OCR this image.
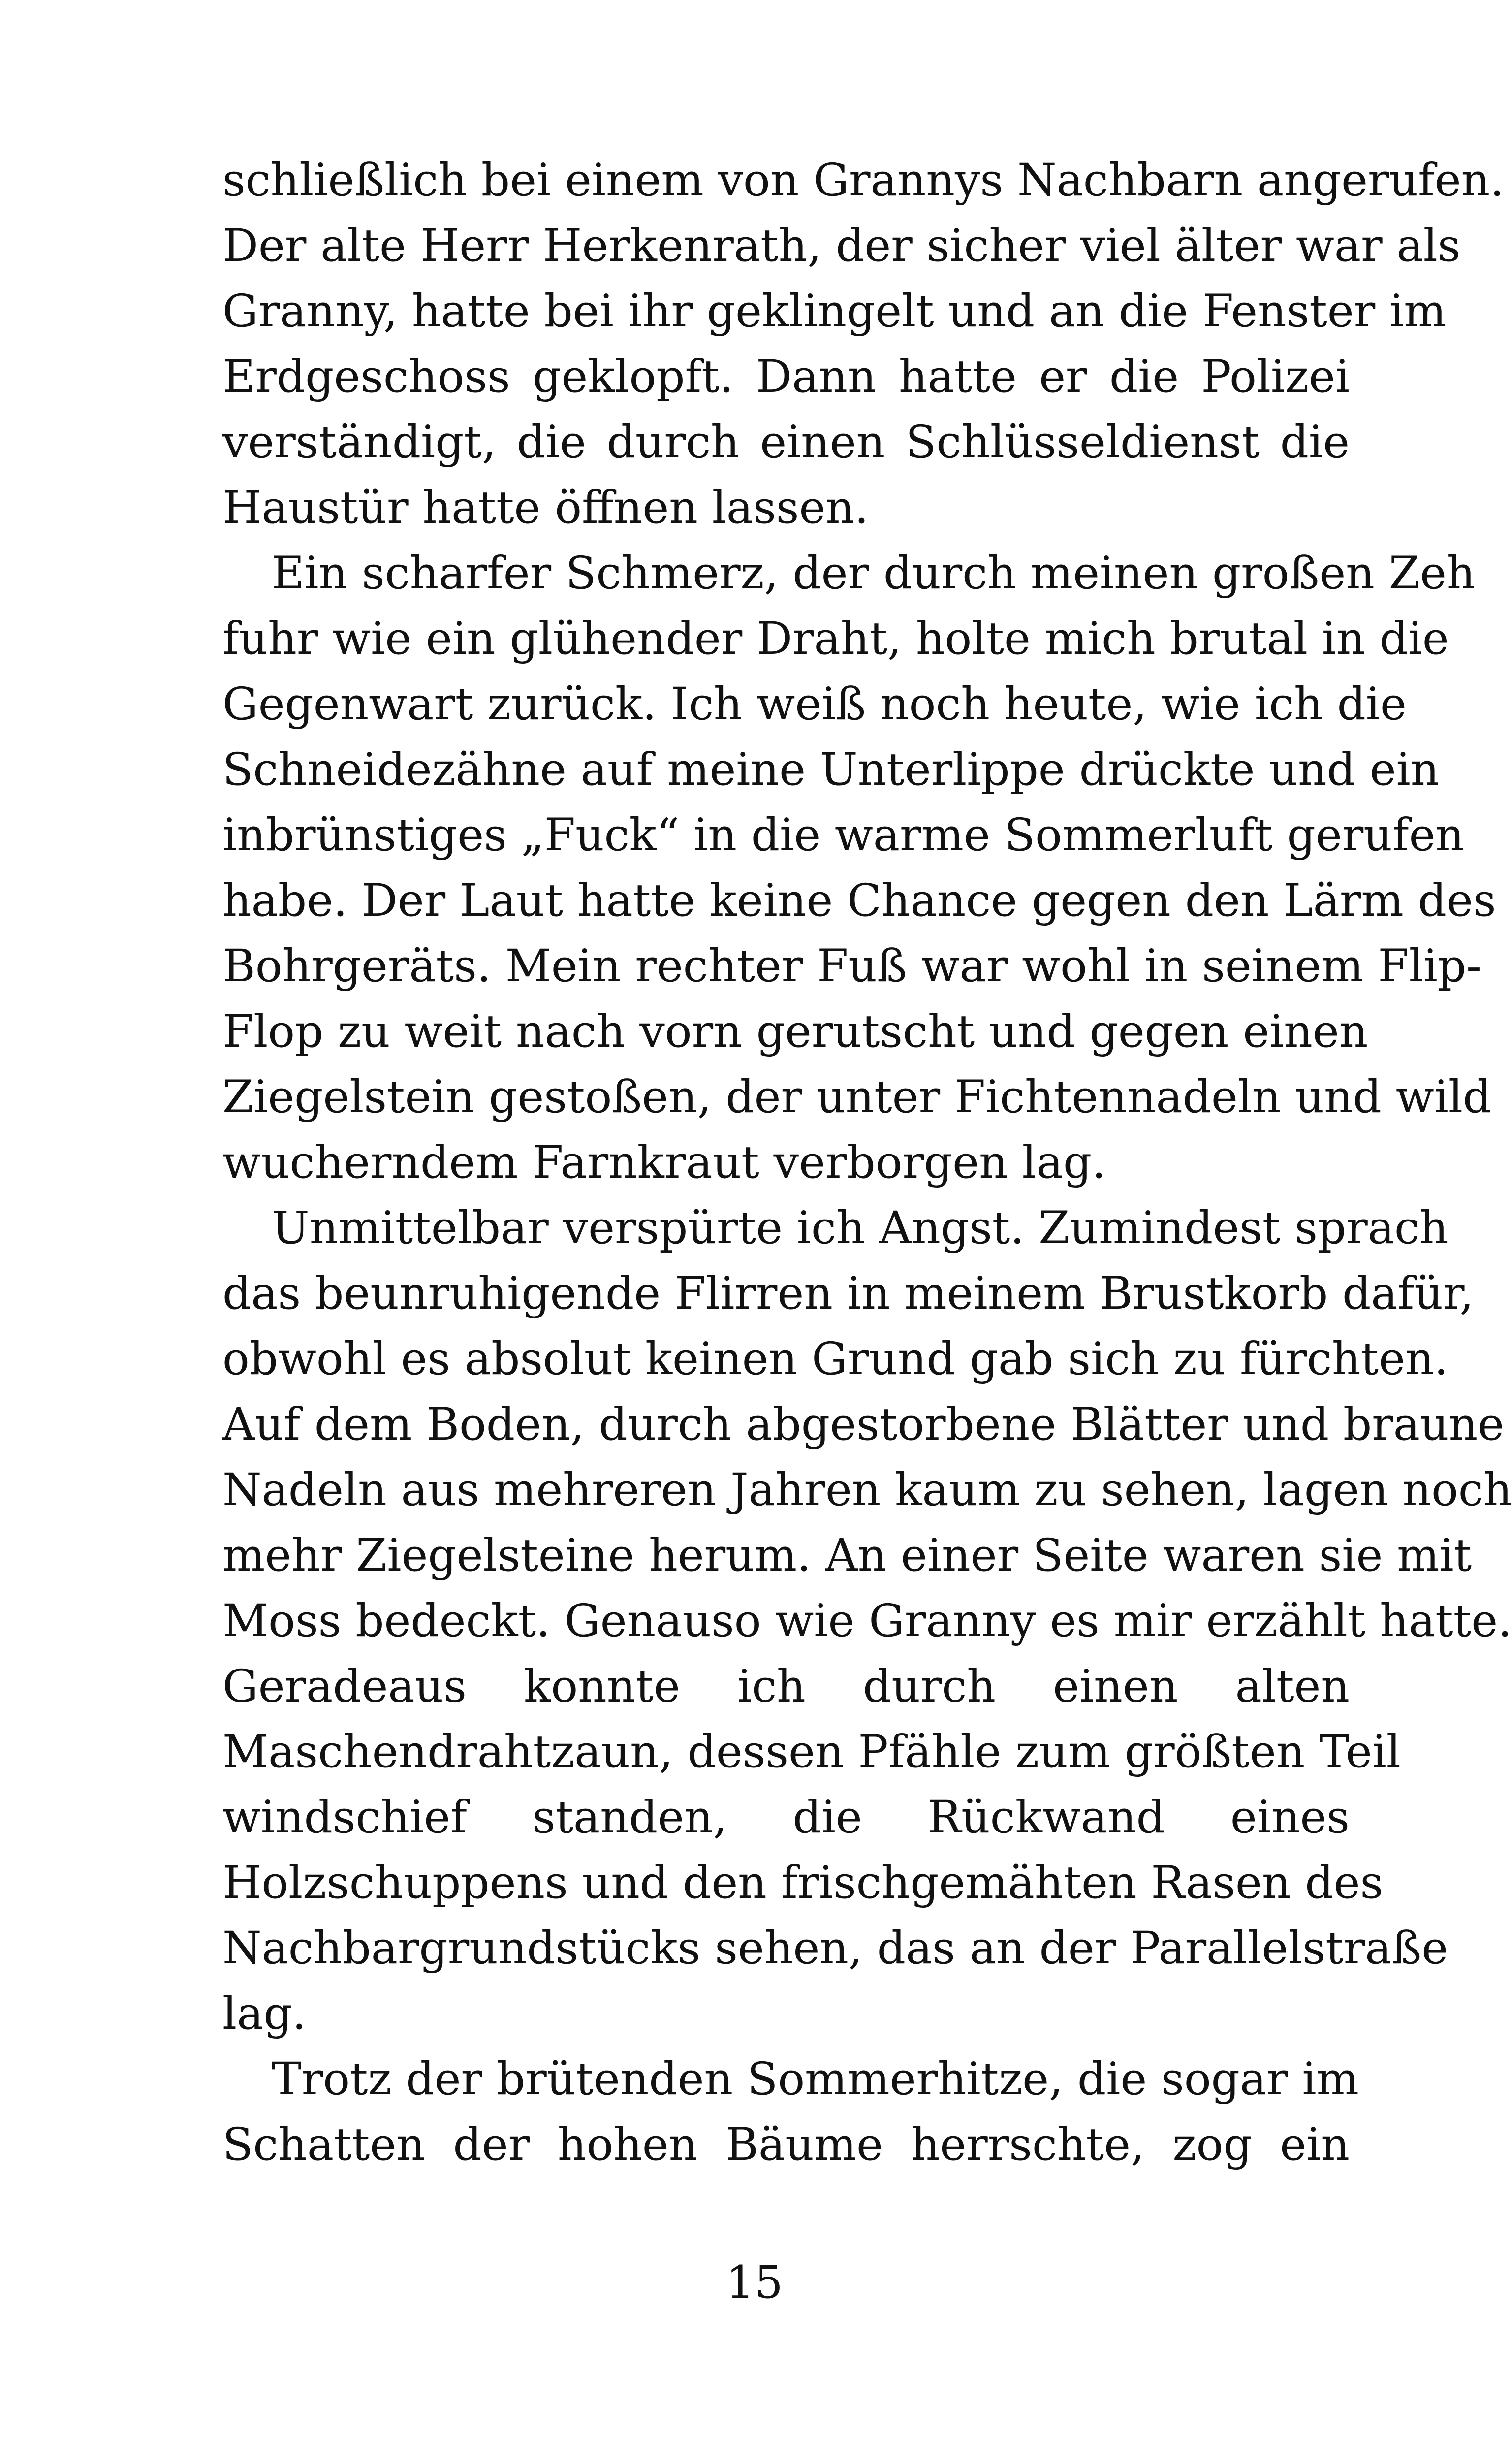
schließlich bei einem von Grannys Nachbarn angerufen.
Der alte Herr Herkenrath, der sicher viel älter war als
Granny, hatte bei ihr geklingelt und an die Fenster im
Erdgeschoss geklopft. Dann hatte er die Polizei
verständigt, die durch einen Schlüsseldienst die
Haustür hatte öffnen lassen.
Ein scharfer Schmerz, der durch meinen großen Zeh
fuhr wie ein glühender Draht, holte mich brutal in die
Gegenwart zurück. Ich weiß noch heute, wie ich die
Schneidezähne auf meine Unterlippe drückte und ein
inbrünstiges „Fuck“ in die warme Sommerluft gerufen
habe. Der Laut hatte keine Chance gegen den Lärm des
Bohrgeräts. Mein rechter Fuß war wohl in seinem Flip-
Flop zu weit nach vorn gerutscht und gegen einen
Ziegelstein gestoßen, der unter Fichtennadeln und wild
wucherndem Farnkraut verborgen lag.
Unmittelbar verspürte ich Angst. Zumindest sprach
das beunruhigende Flirren in meinem Brustkorb dafür,
obwohl es absolut keinen Grund gab sich zu fürchten.
Auf dem Boden, durch abgestorbene Blätter und braune
Nadeln aus mehreren Jahren kaum zu sehen, lagen noch
mehr Ziegelsteine herum. An einer Seite waren sie mit
Moss bedeckt. Genauso wie Granny es mir erzählt hatte.
Geradeaus konnte ich durch einen alten
Maschendrahtzaun, dessen Pfähle zum größten Teil
windschief standen, die Rückwand eines
Holzschuppens und den frischgemähten Rasen des
Nachbargrundstücks sehen, das an der Parallelstraße
lag.
Trotz der brütenden Sommerhitze, die sogar im
Schatten der hohen Bäume herrschte, zog ein
15
